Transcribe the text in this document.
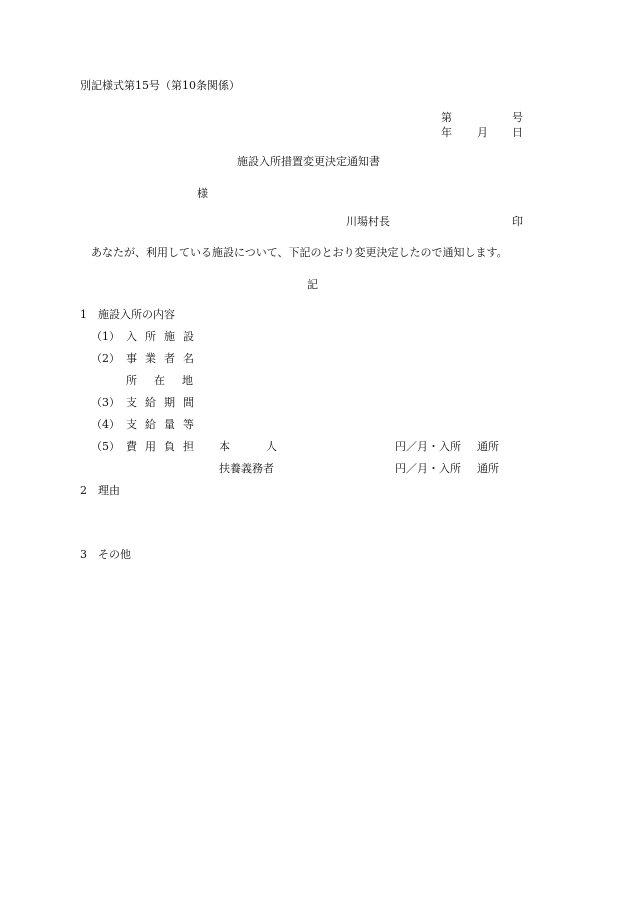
別記様式第15号（第10条関係）
第	号
年 月 日
施設入所措置変更決定通知書
様
川場村長	印
あなたが、利用している施設について、下記のとおり変更決定したので通知します。
記
1　施設入所の内容
（1） 入 所 施 設
（2） 事 業 者 名
所 在 地
（3） 支 給 期 間
（4） 支 給 量 等
（5） 費 用 負 担 本	人	円／月・入所 通所
扶養義務者	円／月・入所 通所
2　理由
3　その他
